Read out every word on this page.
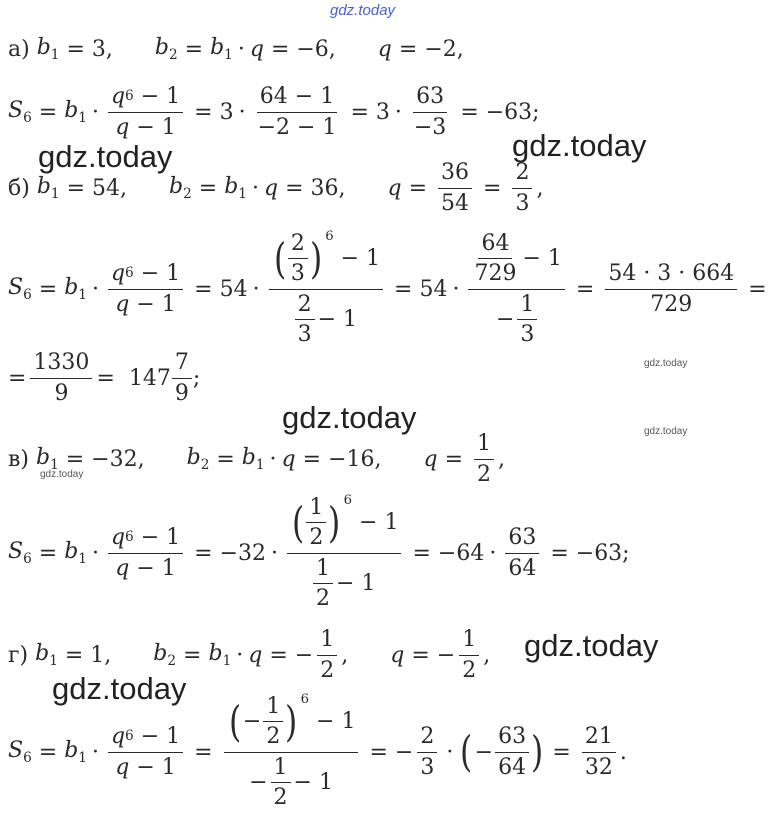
gdz.today
gdz.today	gdz.today
gdz.today
gdz.today
gdz.today
gdz.today
gdz.today
gdz.today
а)
$b_1$
= 3, $b_2 = b_1 \cdot q$
= −6, q
= −2,
$S_6 = b_1 \cdot \frac{q 6 - 1}{q - 1} = 3 \cdot \frac{64 - 1}{-2 - 1} = 3 \cdot \frac{63}{-3}$
= −63;
б)
$b_1$
= 54, $b_2 = b_1 \cdot q$
= 36, $q = \frac{36}{54} = \frac{2}{3}$ ,
$S_6 = b_1 \cdot \frac{q 6 - 1}{q - 1} = 54$ · ( $\frac{2}{3}$ ) 6
− 1
$\frac{2}{3} - 1 = 54 \cdot \frac{\frac{64}{729} - 1}{- \frac{1}{3}} = \frac{54 \cdot 3 \cdot 664}{729}$ =
= $\frac{1330}{9} = 147 \frac{7}{9}$ ;
в)
$b_1$
= −32, $b_2 = b_1 \cdot q$
= −16, $q = \frac{1}{2}$ ,
$S_6 = b_1 \cdot \frac{q 6 - 1}{q - 1} = -32$ · ( $\frac{1}{2}$ ) 6
− 1
$\frac{1}{2} - 1 = -64 \cdot \frac{63}{64}$
= −63;
г)
$b_1$
= 1, $b_2 = b_1 \cdot q$ = − $\frac{1}{2}$ , q = − $\frac{1}{2}$ ,
$S_6 = b_1 \cdot \frac{q 6 - 1}{q - 1}$ = ( − $\frac{1}{2}$ ) 6
− 1
− $\frac{1}{2} - 1$ = − $\frac{2}{3}$ · ( − $\frac{63}{64}$ ) = $\frac{21}{32}$ .
